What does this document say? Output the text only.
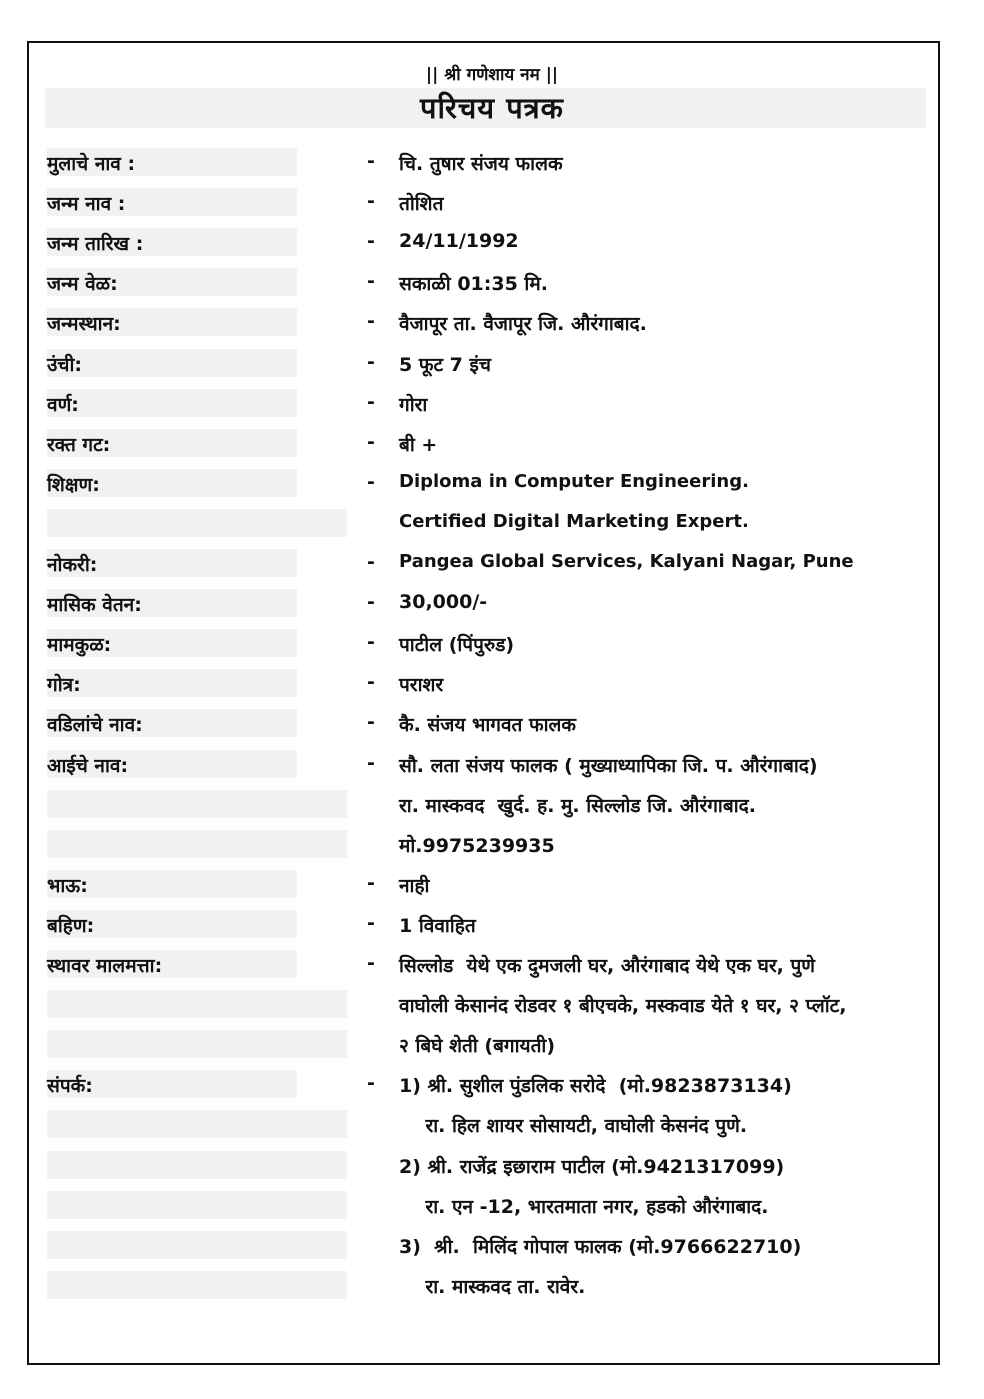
|| श्री गणेशाय नम ||
परिचय पत्रक
मुलाचे नाव :	- चि. तुषार संजय फालक
जन्म नाव :	- तोशित
जन्म तारिख :	- 24/11/1992
जन्म वेळ:	- सकाळी 01:35 मि.
जन्मस्थान:	- वैजापूर ता. वैजापूर जि. औरंगाबाद.
उंची:	- 5 फूट 7 इंच
वर्ण:	- गोरा
रक्त गट:	- बी +
शिक्षण:	- Diploma in Computer Engineering.
Certified Digital Marketing Expert.
नोकरी:	- Pangea Global Services, Kalyani Nagar, Pune
मासिक वेतन:	- 30,000/-
मामकुळ:	- पाटील (पिंपुरुड)
गोत्र:	- पराशर
वडिलांचे नाव:	- कै. संजय भागवत फालक
आईचे नाव:	- सौ. लता संजय फालक ( मुख्याध्यापिका जि. प. औरंगाबाद)
रा. मास्कवद  खुर्द. ह. मु. सिल्लोड जि. औरंगाबाद.
मो.9975239935
भाऊ:	- नाही
बहिण:	- 1 विवाहित
स्थावर मालमत्ता:	- सिल्लोड  येथे एक दुमजली घर, औरंगाबाद येथे एक घर, पुणे
वाघोली केसानंद रोडवर १ बीएचके, मस्कवाड येते १ घर, २ प्लॉट,
२ बिघे शेती (बगायती)
संपर्क:	- 1) श्री. सुशील पुंडलिक सरोदे  (मो.9823873134)
रा. हिल शायर सोसायटी, वाघोली केसनंद पुणे.
2) श्री. राजेंद्र इछाराम पाटील (मो.9421317099)
रा. एन -12, भारतमाता नगर, हडको औरंगाबाद.
3)  श्री.  मिलिंद गोपाल फालक (मो.9766622710)
रा. मास्कवद ता. रावेर.
